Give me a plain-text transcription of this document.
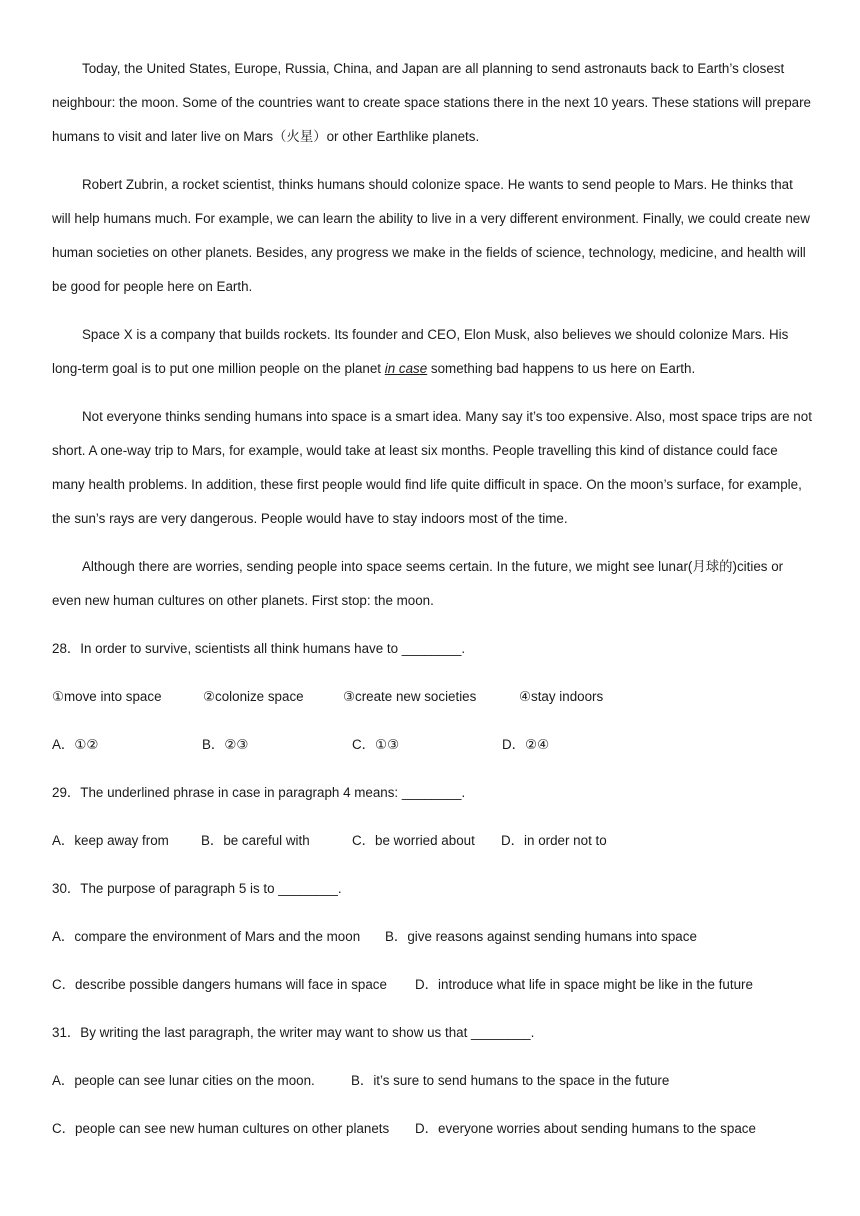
Today, the United States, Europe, Russia, China, and Japan are all planning to send astronauts back to Earth’s closest neighbour: the moon. Some of the countries want to create space stations there in the next 10 years. These stations will prepare humans to visit and later live on Mars（火星）or other Earthlike planets.

Robert Zubrin, a rocket scientist, thinks humans should colonize space. He wants to send people to Mars. He thinks that will help humans much. For example, we can learn the ability to live in a very different environment. Finally, we could create new human societies on other planets. Besides, any progress we make in the fields of science, technology, medicine, and health will be good for people here on Earth.

Space X is a company that builds rockets. Its founder and CEO, Elon Musk, also believes we should colonize Mars. His long-term goal is to put one million people on the planet in case something bad happens to us here on Earth.

Not everyone thinks sending humans into space is a smart idea. Many say it’s too expensive. Also, most space trips are not short. A one-way trip to Mars, for example, would take at least six months. People travelling this kind of distance could face many health problems. In addition, these first people would find life quite difficult in space. On the moon’s surface, for example, the sun’s rays are very dangerous. People would have to stay indoors most of the time.

Although there are worries, sending people into space seems certain. In the future, we might see lunar(月球的)cities or even new human cultures on other planets. First stop: the moon.

28．In order to survive, scientists all think humans have to ________.
①move into space	②colonize space	③create new societies	④stay indoors
A．①②	B．②③	C．①③	D．②④
29．The underlined phrase in case in paragraph 4 means: ________.
A．keep away from B．be careful with	C．be worried about D．in order not to
30．The purpose of paragraph 5 is to ________.
A．compare the environment of Mars and the moon B．give reasons against sending humans into space
C．describe possible dangers humans will face in space D．introduce what life in space might be like in the future
31．By writing the last paragraph, the writer may want to show us that ________.
A．people can see lunar cities on the moon.	B．it’s sure to send humans to the space in the future
C．people can see new human cultures on other planets D．everyone worries about sending humans to the space
